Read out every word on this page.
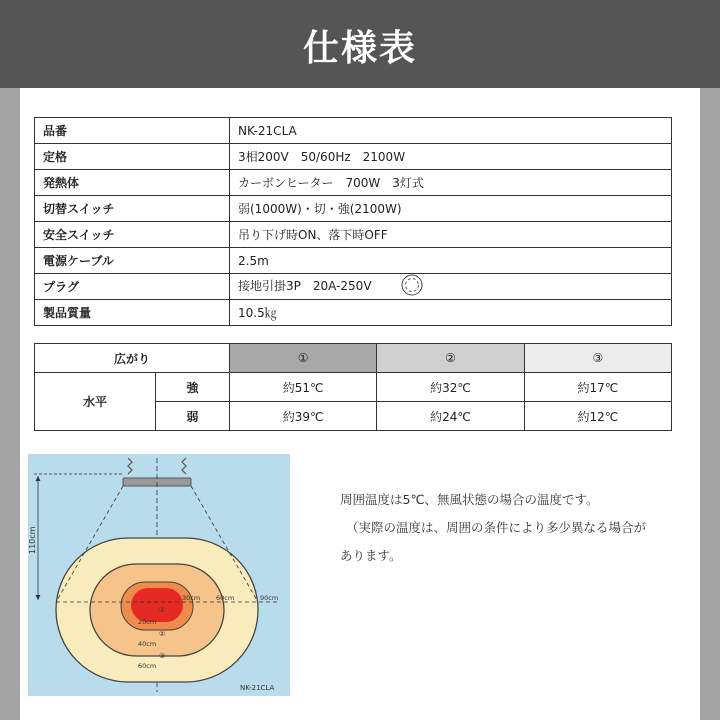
仕様表
品番	NK-21CLA
定格	3相200V　50/60Hz　2100W
発熱体	カーボンヒーター　700W　3灯式
切替スイッチ	弱(1000W)・切・強(2100W)
安全スイッチ	吊り下げ時ON、落下時OFF
電源ケーブル	2.5m
プラグ	接地引掛3P　20A-250V
製品質量	10.5㎏
広がり		①	②	③
水平	強	約51℃	約32℃	約17℃
	弱	約39℃	約24℃	約12℃
110cm
30cm 60cm	90cm
20cm
40cm
60cm
①
②
③
NK-21CLA

周囲温度は5℃、無風状態の場合の温度です。

（実際の温度は、周囲の条件により多少異なる場合が

あります。
